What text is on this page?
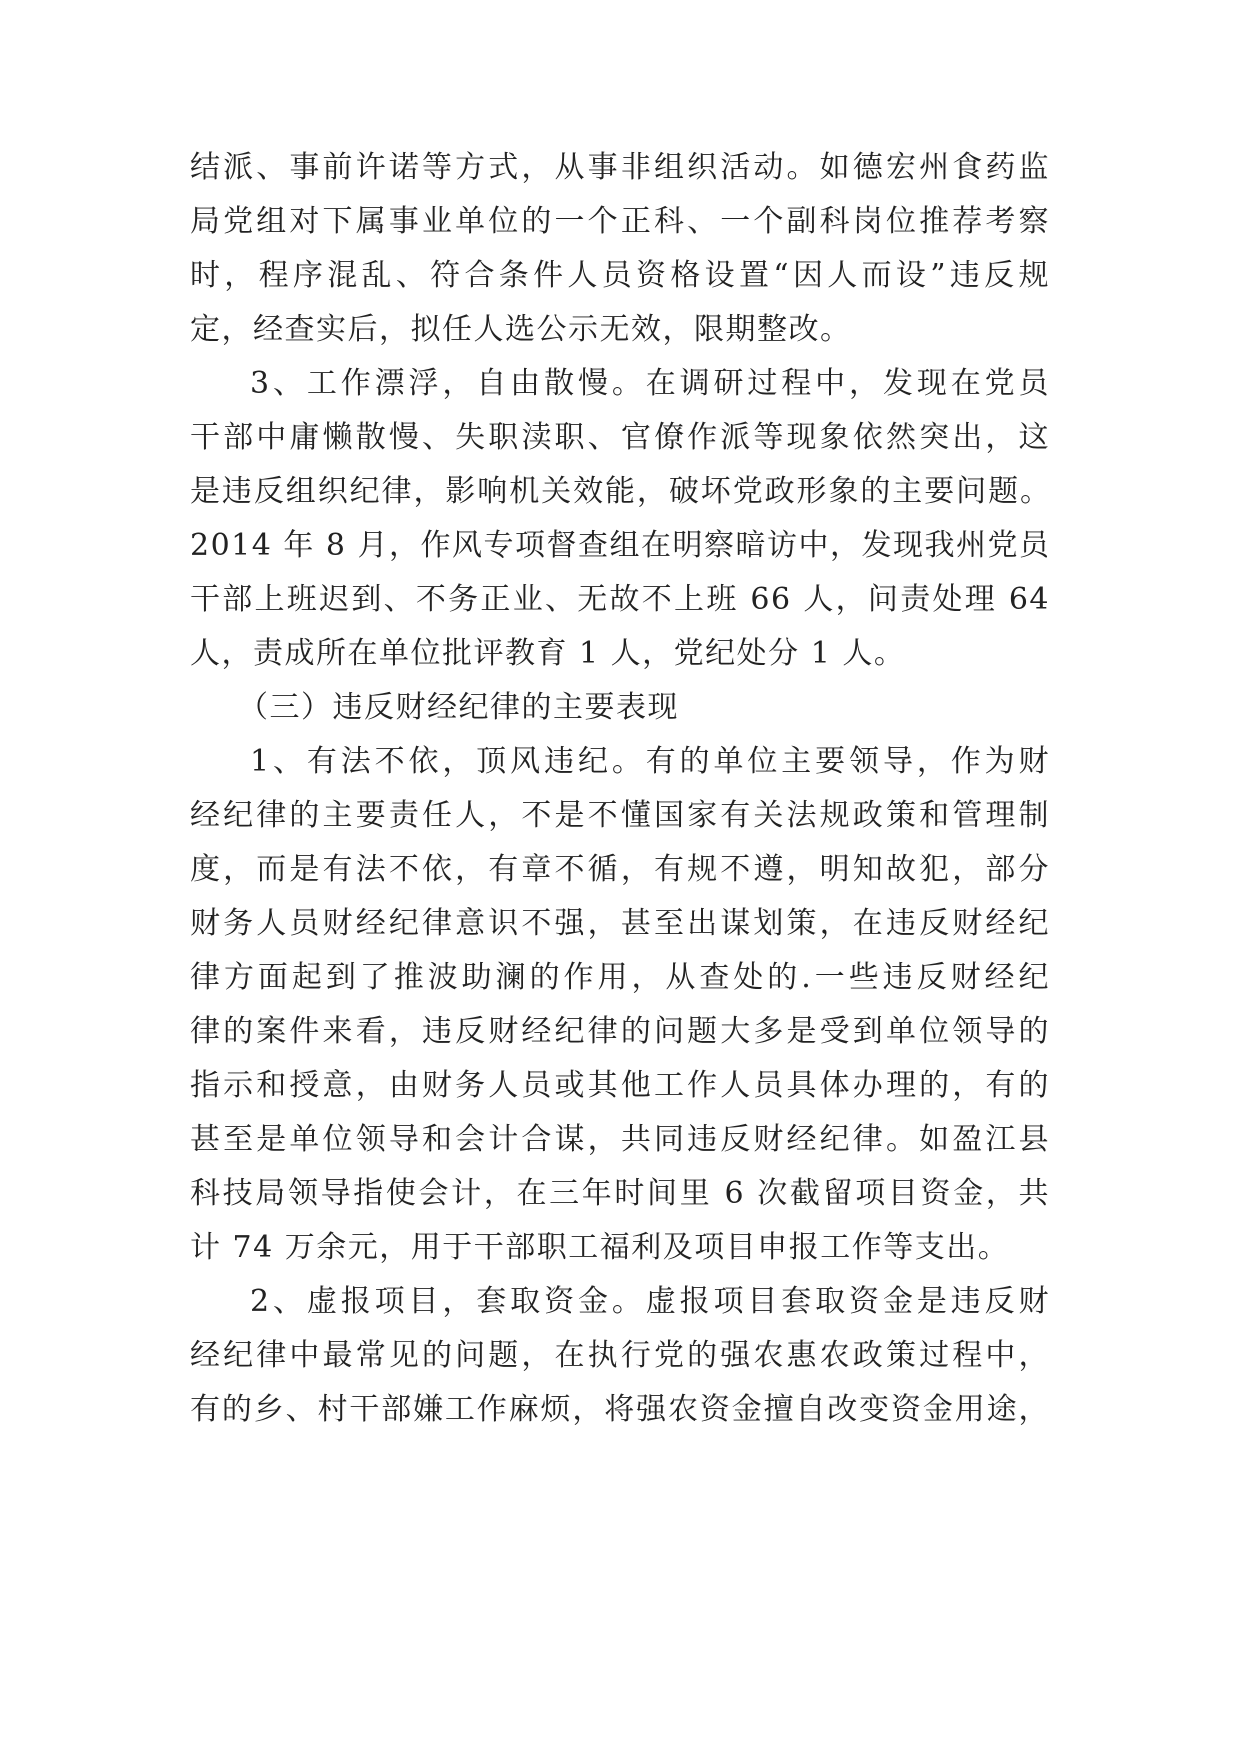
结派、事前许诺等方式，从事非组织活动。如德宏州食药监
局党组对下属事业单位的一个正科、一个副科岗位推荐考察
时，程序混乱、符合条件人员资格设置“因人而设”违反规
定，经查实后，拟任人选公示无效，限期整改。
3、工作漂浮，自由散慢。在调研过程中，发现在党员
干部中庸懒散慢、失职渎职、官僚作派等现象依然突出，这
是违反组织纪律，影响机关效能，破坏党政形象的主要问题。
2014 年 8 月，作风专项督查组在明察暗访中，发现我州党员
干部上班迟到、不务正业、无故不上班 66 人，问责处理 64
人，责成所在单位批评教育 1 人，党纪处分 1 人。
（三）违反财经纪律的主要表现
1、有法不依，顶风违纪。有的单位主要领导，作为财
经纪律的主要责任人，不是不懂国家有关法规政策和管理制
度，而是有法不依，有章不循，有规不遵，明知故犯，部分
财务人员财经纪律意识不强，甚至出谋划策，在违反财经纪
律方面起到了推波助澜的作用，从查处的.一些违反财经纪
律的案件来看，违反财经纪律的问题大多是受到单位领导的
指示和授意，由财务人员或其他工作人员具体办理的，有的
甚至是单位领导和会计合谋，共同违反财经纪律。如盈江县
科技局领导指使会计，在三年时间里 6 次截留项目资金，共
计 74 万余元，用于干部职工福利及项目申报工作等支出。
2、虚报项目，套取资金。虚报项目套取资金是违反财
经纪律中最常见的问题，在执行党的强农惠农政策过程中，
有的乡、村干部嫌工作麻烦，将强农资金擅自改变资金用途，
